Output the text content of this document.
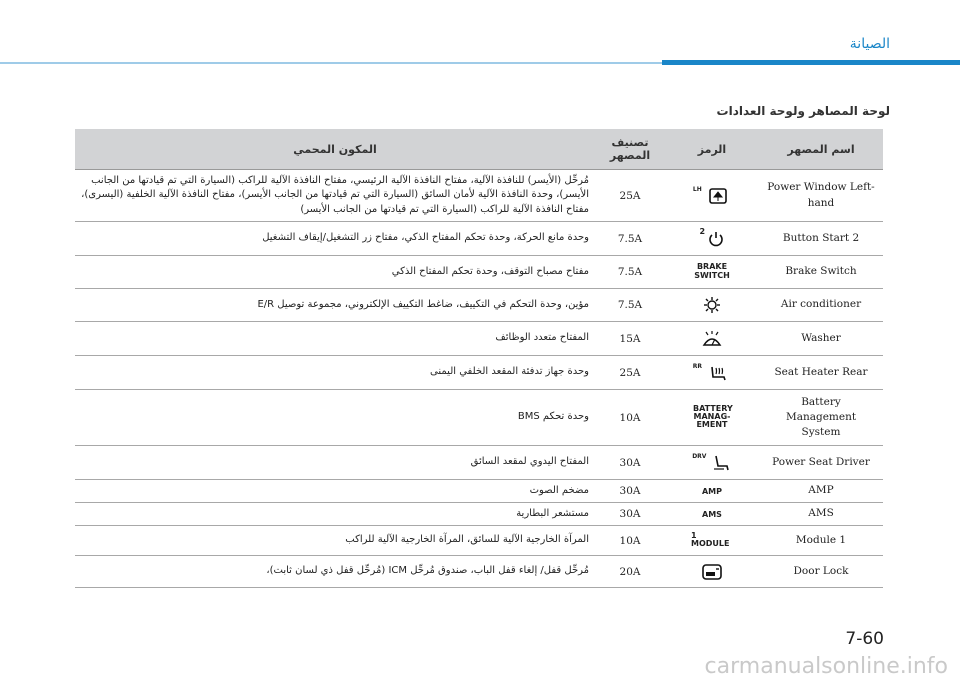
الصيانة
لوحة المصاهر ولوحة العدادات
المكون المحمي	تصنيف المصهر	الرمز	اسم المصهر
مُرحِّل (الأيسر) للنافذة الآلية، مفتاح النافذة الآلية الرئيسي، مفتاح النافذة الآلية للراكب (السيارة التي تم قيادتها من الجانب الأيسر)، وحدة النافذة الآلية لأمان السائق (السيارة التي تم قيادتها من الجانب الأيسر)، مفتاح النافذة الآلية الخلفية (اليسرى)، مفتاح النافذة الآلية للراكب (السيارة التي تم قيادتها من الجانب الأيسر)	25A	$^{LH}$	Power Window Left-hand
وحدة مانع الحركة، وحدة تحكم المفتاح الذكي، مفتاح زر التشغيل/إيقاف التشغيل	7.5A	$^2$	Button Start 2
مفتاح مصباح التوقف، وحدة تحكم المفتاح الذكي	7.5A	BRAKE SWITCH	Brake Switch
مؤين، وحدة التحكم في التكييف، ضاغط التكييف الإلكتروني، مجموعة توصيل E/R	7.5A		Air conditioner
المفتاح متعدد الوظائف	15A		Washer
وحدة جهاز تدفئة المقعد الخلفي اليمنى	25A	$^{RR}$	Seat Heater Rear
وحدة تحكم BMS	10A	BATTERY MANAG- EMENT	Battery Management System
المفتاح اليدوي لمقعد السائق	30A	$^{DRV}$	Power Seat Driver
مضخم الصوت	30A	AMP	AMP
مستشعر البطارية	30A	AMS	AMS
المرآة الخارجية الآلية للسائق، المرآة الخارجية الآلية للراكب	10A	1 MODULE	Module 1
مُرحِّل قفل/ إلغاء قفل الباب، صندوق مُرحِّل ICM (مُرحِّل قفل ذي لسان ثابت)،	20A		Door Lock
7-60
carmanualsonline.info
